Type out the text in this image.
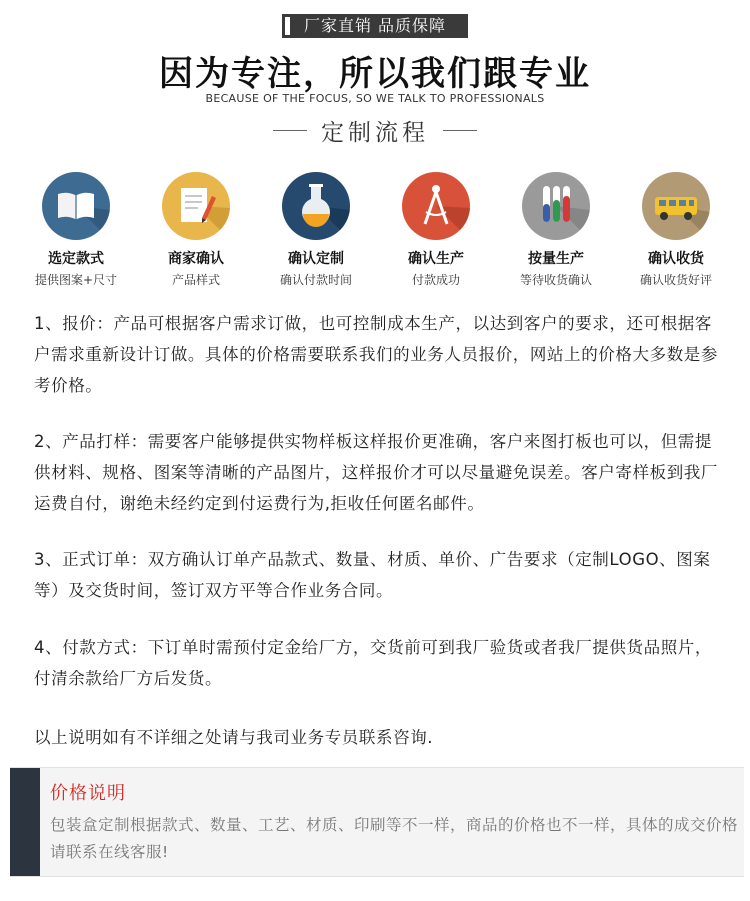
厂家直销 品质保障
因为专注，所以我们跟专业
BECAUSE OF THE FOCUS, SO WE TALK TO PROFESSIONALS
定制流程
选定款式
提供图案+尺寸
商家确认
产品样式
确认定制
确认付款时间
确认生产
付款成功
按量生产
等待收货确认
确认收货
确认收货好评
1、报价：产品可根据客户需求订做，也可控制成本生产，以达到客户的要求，还可根据客户需求重新设计订做。具体的价格需要联系我们的业务人员报价，网站上的价格大多数是参考价格。
2、产品打样：需要客户能够提供实物样板这样报价更准确，客户来图打板也可以，但需提供材料、规格、图案等清晰的产品图片，这样报价才可以尽量避免误差。客户寄样板到我厂运费自付，谢绝未经约定到付运费行为,拒收任何匿名邮件。
3、正式订单：双方确认订单产品款式、数量、材质、单价、广告要求（定制LOGO、图案等）及交货时间，签订双方平等合作业务合同。
4、付款方式：下订单时需预付定金给厂方，交货前可到我厂验货或者我厂提供货品照片，付清余款给厂方后发货。
以上说明如有不详细之处请与我司业务专员联系咨询.
价格说明
包装盒定制根据款式、数量、工艺、材质、印刷等不一样，商品的价格也不一样，具体的成交价格请联系在线客服!
